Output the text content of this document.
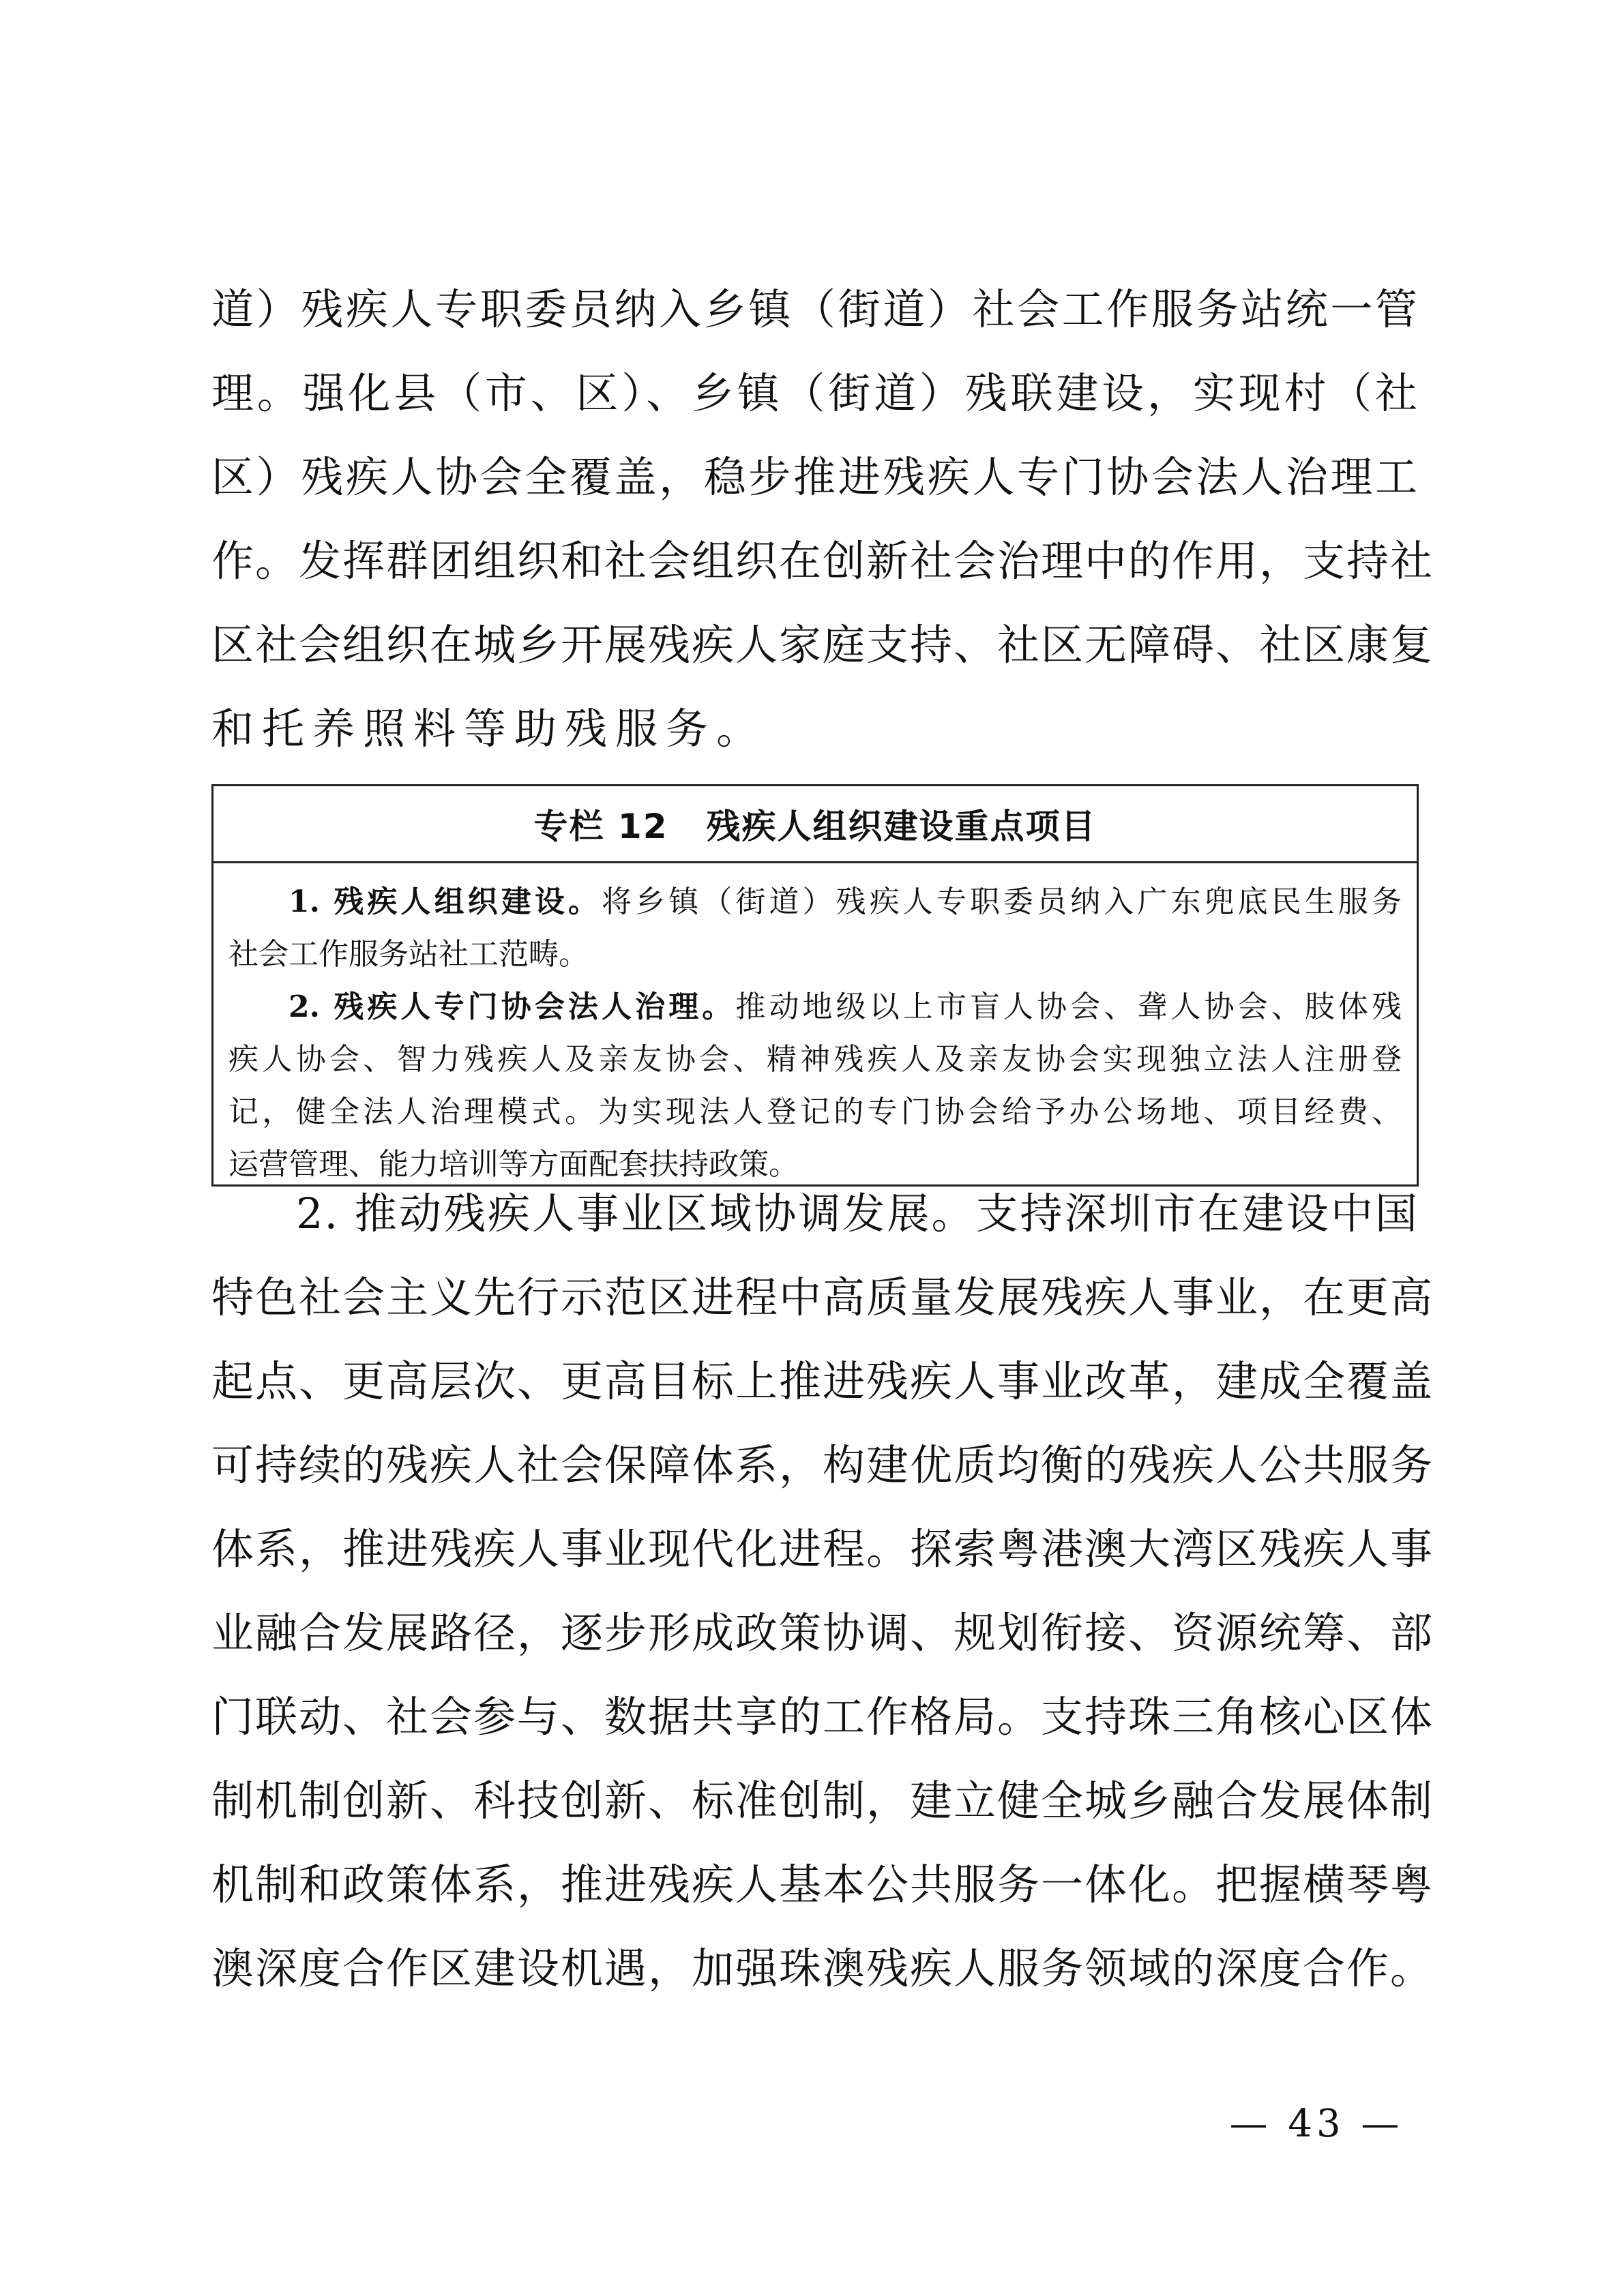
道）残疾人专职委员纳入乡镇（街道）社会工作服务站统一管
理。强化县（市、区）、乡镇（街道）残联建设，实现村（社
区）残疾人协会全覆盖，稳步推进残疾人专门协会法人治理工
作。发挥群团组织和社会组织在创新社会治理中的作用，支持社
区社会组织在城乡开展残疾人家庭支持、社区无障碍、社区康复
和托养照料等助残服务。
专栏 12 残疾人组织建设重点项目
1. 残疾人组织建设。将乡镇（街道）残疾人专职委员纳入广东兜底民生服务
社会工作服务站社工范畴。
2. 残疾人专门协会法人治理。推动地级以上市盲人协会、聋人协会、肢体残
疾人协会、智力残疾人及亲友协会、精神残疾人及亲友协会实现独立法人注册登
记，健全法人治理模式。为实现法人登记的专门协会给予办公场地、项目经费、
运营管理、能力培训等方面配套扶持政策。
2. 推动残疾人事业区域协调发展。支持深圳市在建设中国
特色社会主义先行示范区进程中高质量发展残疾人事业，在更高
起点、更高层次、更高目标上推进残疾人事业改革，建成全覆盖
可持续的残疾人社会保障体系，构建优质均衡的残疾人公共服务
体系，推进残疾人事业现代化进程。探索粤港澳大湾区残疾人事
业融合发展路径，逐步形成政策协调、规划衔接、资源统筹、部
门联动、社会参与、数据共享的工作格局。支持珠三角核心区体
制机制创新、科技创新、标准创制，建立健全城乡融合发展体制
机制和政策体系，推进残疾人基本公共服务一体化。把握横琴粤
澳深度合作区建设机遇，加强珠澳残疾人服务领域的深度合作。
— 43 —
